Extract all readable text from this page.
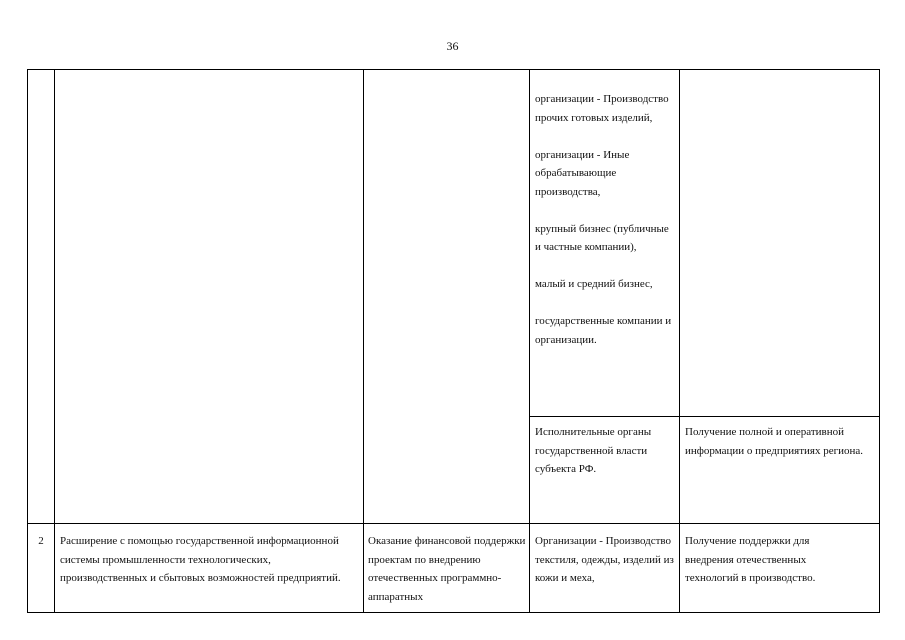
36

организации - Производство прочих готовых изделий,

организации - Иные обрабатывающие производства,

крупный бизнес (публичные и частные компании),

малый и средний бизнес,

государственные компании и организации.

Исполнительные органы государственной власти субъекта РФ.
Получение полной и оперативной информации о предприятиях региона.
2	Расширение с помощью государственной информационной системы промышленности технологических, производственных и сбытовых возможностей предприятий.
Оказание финансовой поддержки проектам по внедрению отечественных программно-аппаратных
Организации - Производство текстиля, одежды, изделий из кожи и меха,
Получение поддержки для внедрения отечественных технологий в производство.
